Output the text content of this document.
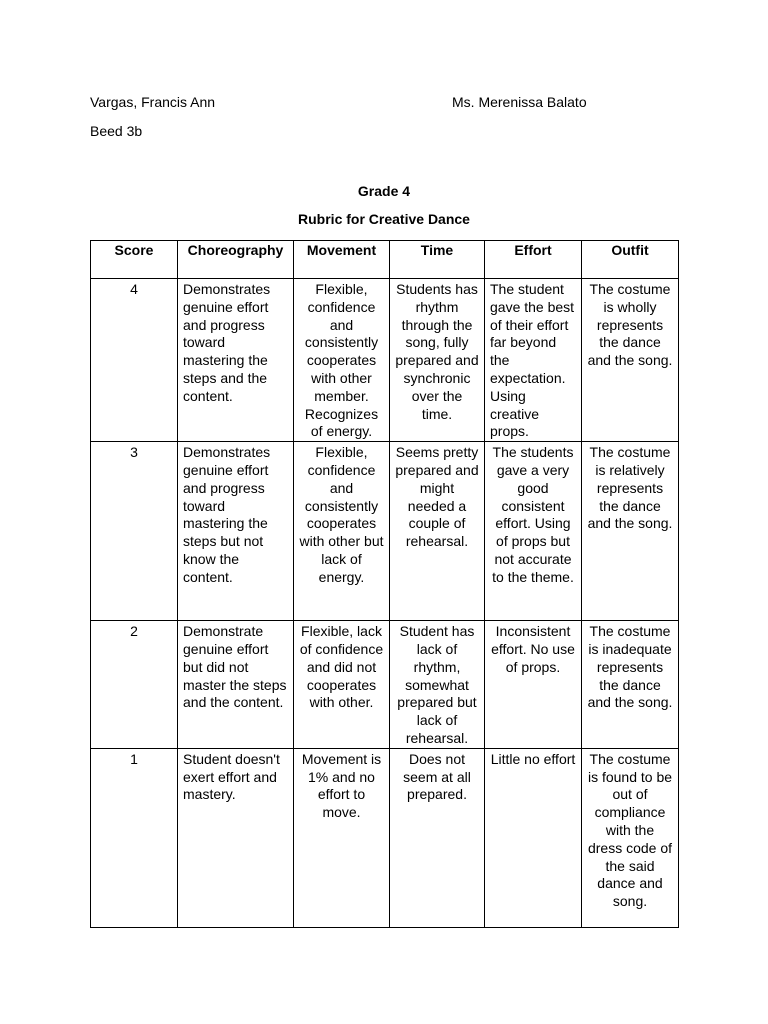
Vargas, Francis Ann	Ms. Merenissa Balato
Beed 3b
Grade 4
Rubric for Creative Dance
Score	Choreography	Movement	Time	Effort	Outfit
4	Demonstrates genuine effort and progress toward mastering the steps and the content.	Flexible, confidence and consistently cooperates with other member. Recognizes of energy.	Students has rhythm through the song, fully prepared and synchronic over the time.	The student gave the best of their effort far beyond the expectation. Using creative props.	The costume is wholly represents the dance and the song.
3	Demonstrates genuine effort and progress toward mastering the steps but not know the content.	Flexible, confidence and consistently cooperates with other but lack of energy.	Seems pretty prepared and might needed a couple of rehearsal.	The students gave a very good consistent effort. Using of props but not accurate to the theme.	The costume is relatively represents the dance and the song.
2	Demonstrate genuine effort but did not master the steps and the content.	Flexible, lack of confidence and did not cooperates with other.	Student has lack of rhythm, somewhat prepared but lack of rehearsal.	Inconsistent effort. No use of props.	The costume is inadequate represents the dance and the song.
1	Student doesn't exert effort and mastery.	Movement is 1% and no effort to move.	Does not seem at all prepared.	Little no effort	The costume is found to be out of compliance with the dress code of the said dance and song.
